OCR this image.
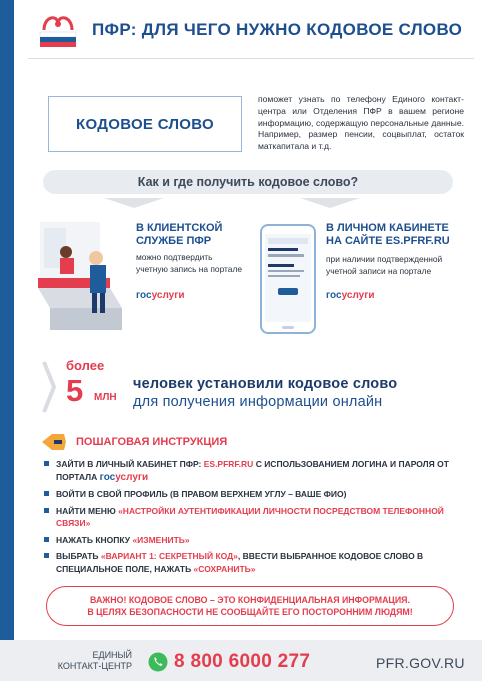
ПФР: ДЛЯ ЧЕГО НУЖНО КОДОВОЕ СЛОВО
КОДОВОЕ СЛОВО
поможет узнать по телефону Единого контакт-центра или Отделения ПФР в вашем регионе информацию, содержащую персональные данные. Например, размер пенсии, соцвыплат, остаток маткапитала и т.д.
Как и где получить кодовое слово?
В КЛИЕНТСКОЙ СЛУЖБЕ ПФР
можно подтвердить учетную запись на портале
госуслуги
В ЛИЧНОМ КАБИНЕТЕ НА САЙТЕ ES.PFRF.RU
при наличии подтвержденной учетной записи на портале
госуслуги
более
5 МЛН
человек установили кодовое слово
для получения информации онлайн
ПОШАГОВАЯ ИНСТРУКЦИЯ
ЗАЙТИ В ЛИЧНЫЙ КАБИНЕТ ПФР: ES.PFRF.RU С ИСПОЛЬЗОВАНИЕМ ЛОГИНА И ПАРОЛЯ ОТ ПОРТАЛА госуслуги
ВОЙТИ В СВОЙ ПРОФИЛЬ (В ПРАВОМ ВЕРХНЕМ УГЛУ – ВАШЕ ФИО)
НАЙТИ МЕНЮ «НАСТРОЙКИ АУТЕНТИФИКАЦИИ ЛИЧНОСТИ ПОСРЕДСТВОМ ТЕЛЕФОННОЙ СВЯЗИ»
НАЖАТЬ КНОПКУ «ИЗМЕНИТЬ»
ВЫБРАТЬ «ВАРИАНТ 1: СЕКРЕТНЫЙ КОД», ВВЕСТИ ВЫБРАННОЕ КОДОВОЕ СЛОВО В СПЕЦИАЛЬНОЕ ПОЛЕ, НАЖАТЬ «СОХРАНИТЬ»
ВАЖНО! КОДОВОЕ СЛОВО – ЭТО КОНФИДЕНЦИАЛЬНАЯ ИНФОРМАЦИЯ.
В ЦЕЛЯХ БЕЗОПАСНОСТИ НЕ СООБЩАЙТЕ ЕГО ПОСТОРОННИМ ЛЮДЯМ!
ЕДИНЫЙ
КОНТАКТ-ЦЕНТР 8 800 6000 277	PFR.GOV.RU
